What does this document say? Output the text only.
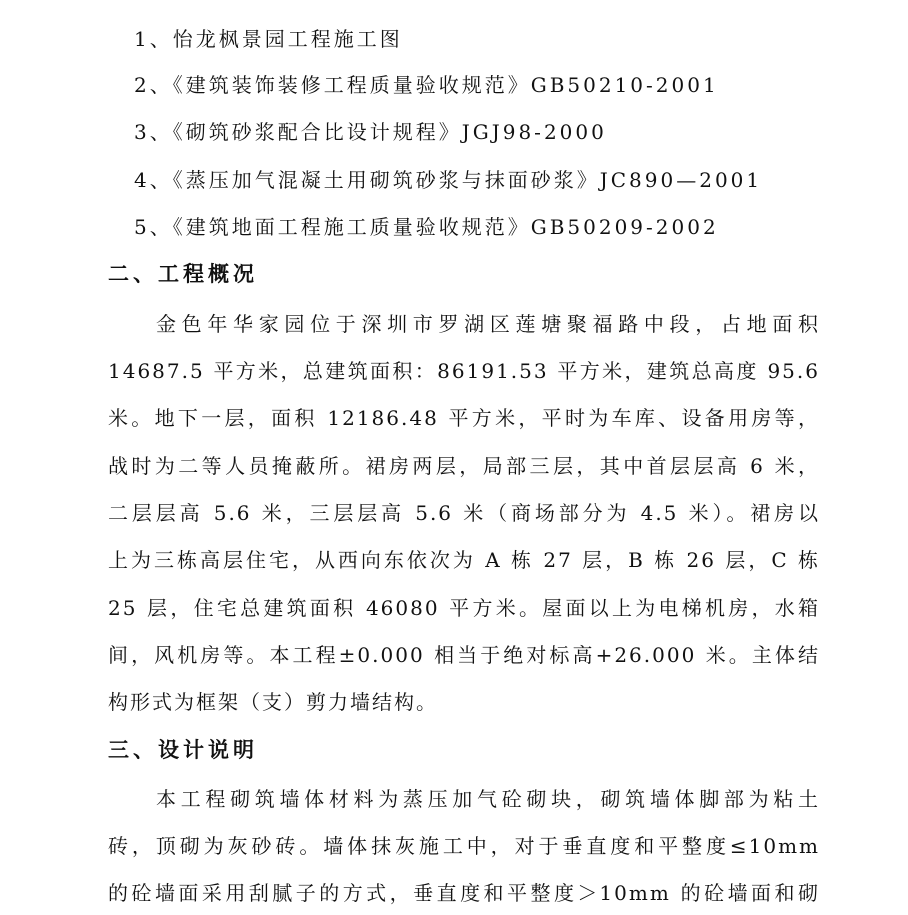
1、怡龙枫景园工程施工图
2、《建筑装饰装修工程质量验收规范》GB50210-2001
3、《砌筑砂浆配合比设计规程》JGJ98-2000
4、《蒸压加气混凝土用砌筑砂浆与抹面砂浆》JC890—2001
5、《建筑地面工程施工质量验收规范》GB50209-2002
二、工程概况
金色年华家园位于深圳市罗湖区莲塘聚福路中段，占地面积
14687.5 平方米，总建筑面积：86191.53 平方米，建筑总高度 95.6
米。地下一层，面积 12186.48 平方米，平时为车库、设备用房等，
战时为二等人员掩蔽所。裙房两层，局部三层，其中首层层高 6 米，
二层层高 5.6 米，三层层高 5.6 米（商场部分为 4.5 米）。裙房以
上为三栋高层住宅，从西向东依次为 A 栋 27 层，B 栋 26 层，C 栋
25 层，住宅总建筑面积 46080 平方米。屋面以上为电梯机房，水箱
间，风机房等。本工程±0.000 相当于绝对标高+26.000 米。主体结
构形式为框架（支）剪力墙结构。
三、设计说明
本工程砌筑墙体材料为蒸压加气砼砌块，砌筑墙体脚部为粘土
砖，顶砌为灰砂砖。墙体抹灰施工中，对于垂直度和平整度≤10mm
的砼墙面采用刮腻子的方式，垂直度和平整度＞10mm 的砼墙面和砌
